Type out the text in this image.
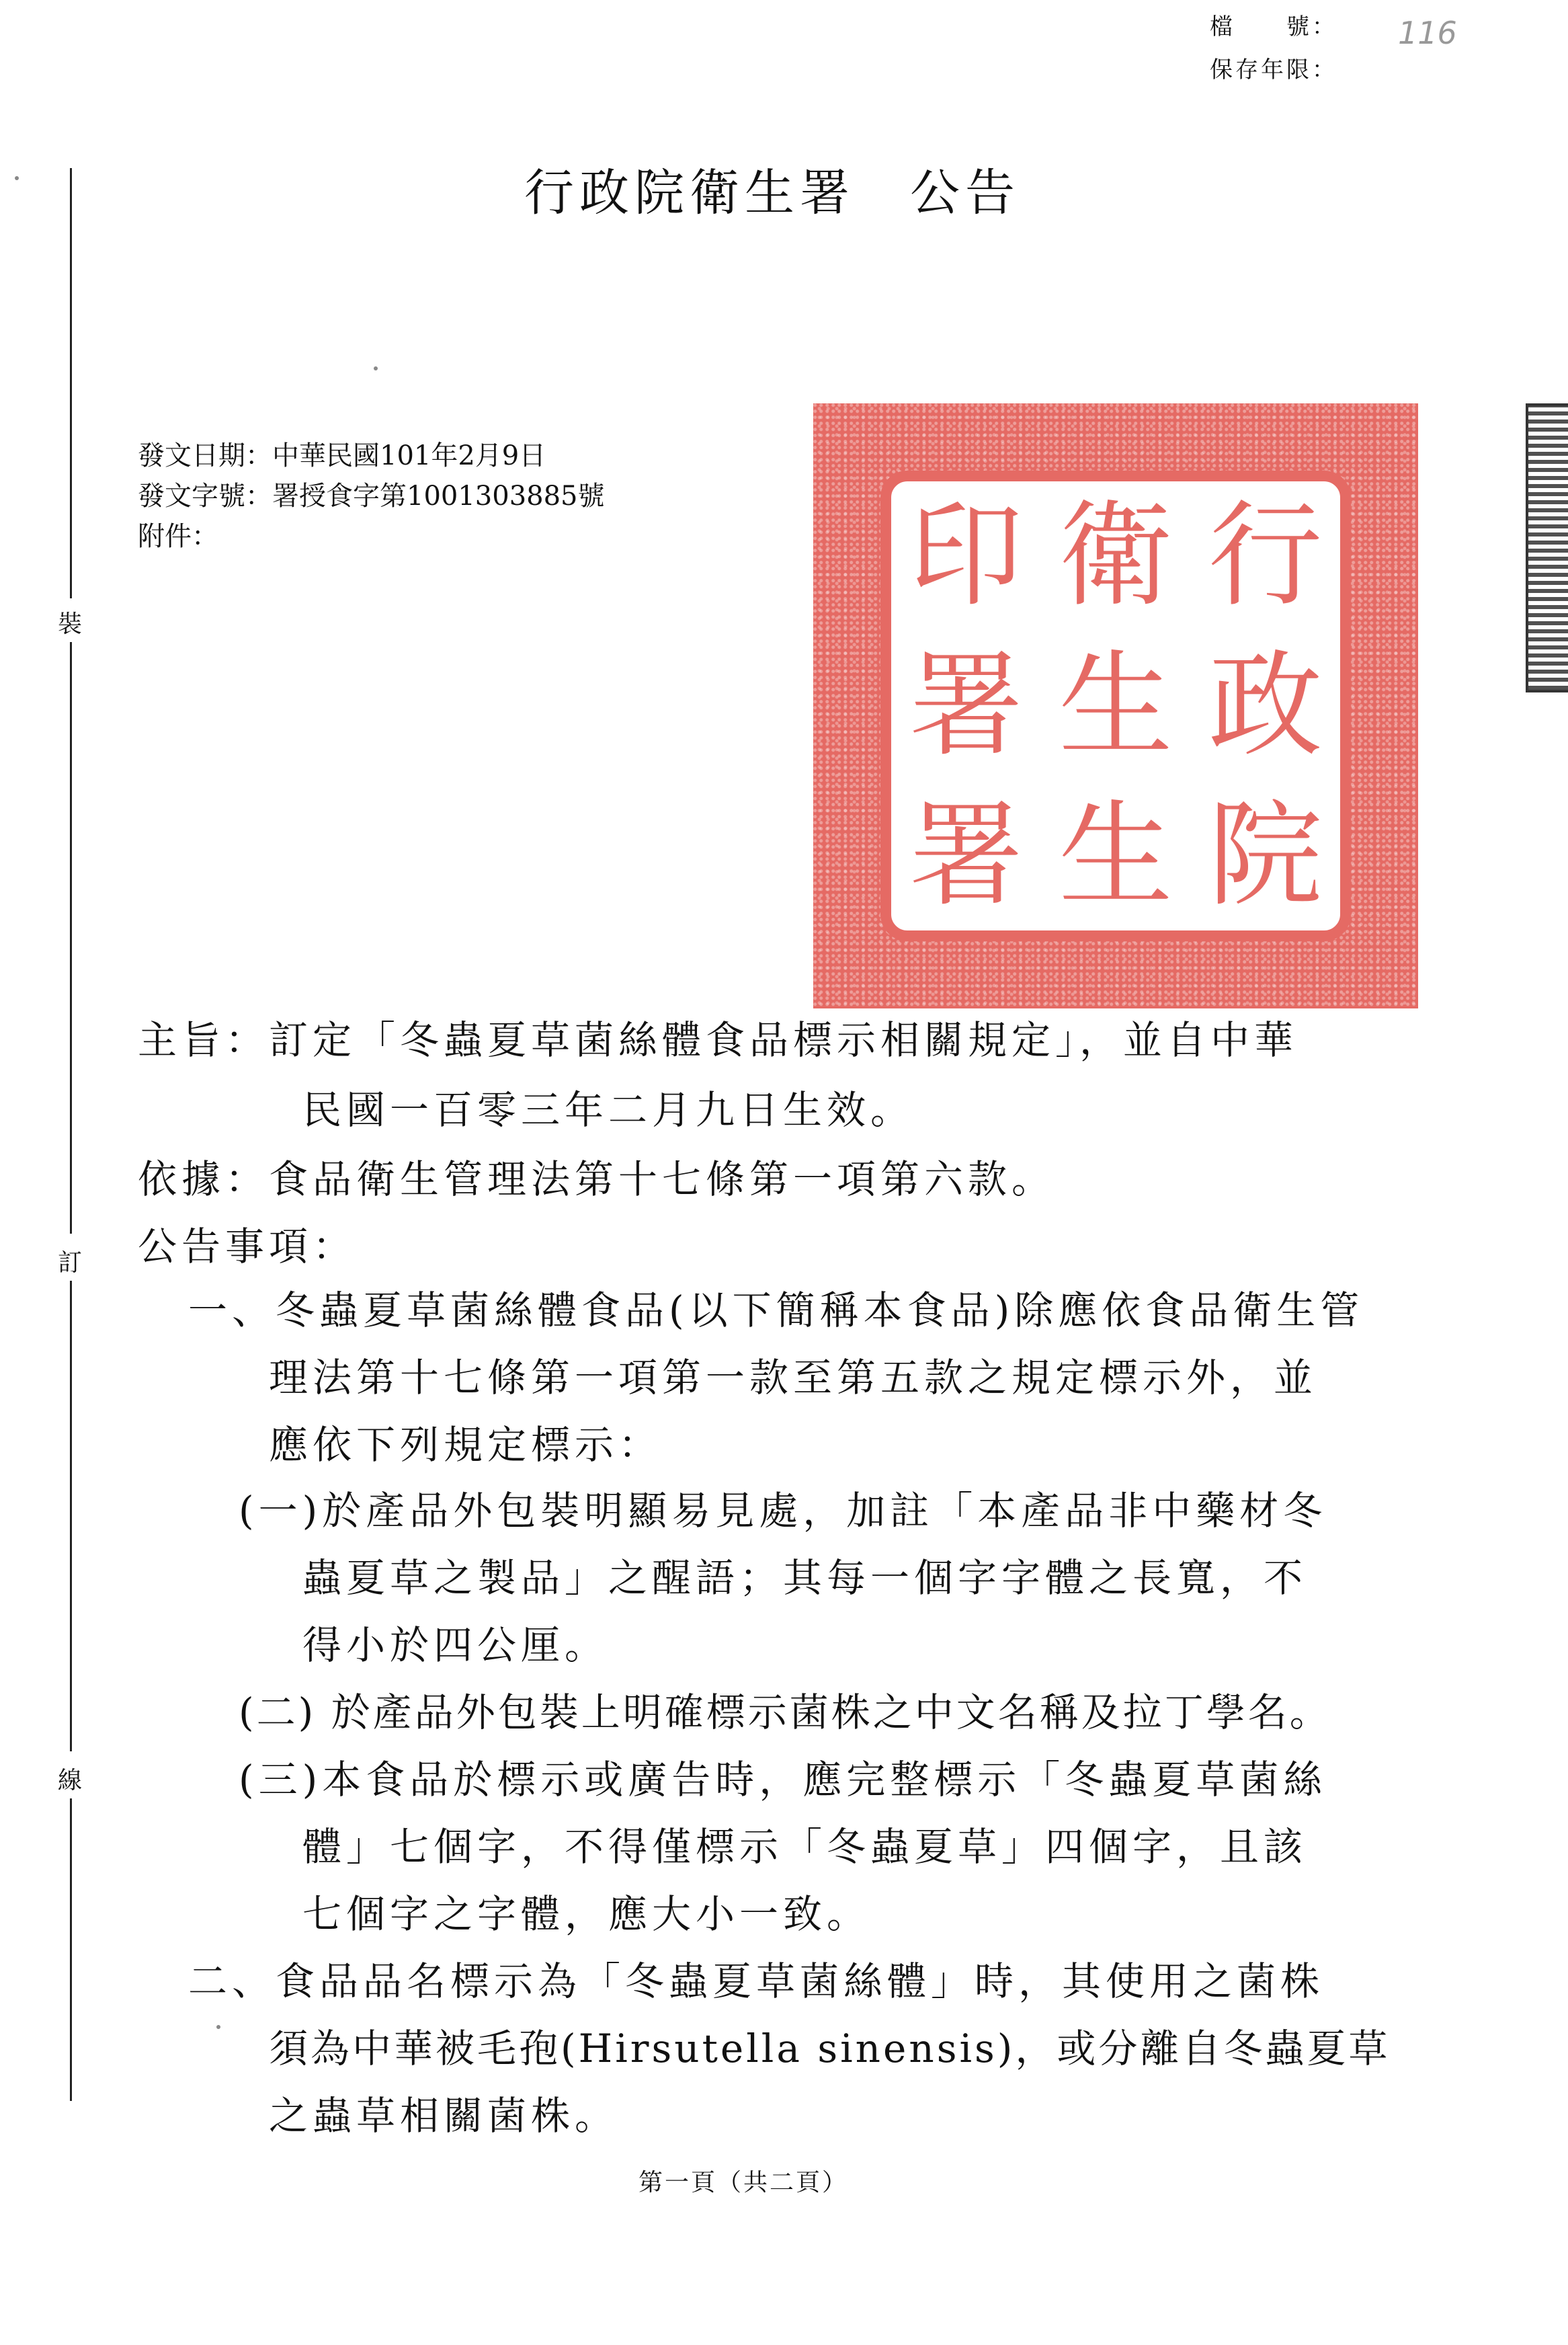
檔　　號：
保存年限：
116
裝
訂
線
行政院衛生署　公告
發文日期：中華民國101年2月9日
發文字號：署授食字第1001303885號
附件：	印 衛 行
署 生 政
署 生 院
主旨：訂定「冬蟲夏草菌絲體食品標示相關規定」，並自中華
民國一百零三年二月九日生效。
依據：食品衛生管理法第十七條第一項第六款。
公告事項：
一、冬蟲夏草菌絲體食品(以下簡稱本食品)除應依食品衛生管
理法第十七條第一項第一款至第五款之規定標示外，並
應依下列規定標示：
(一)於產品外包裝明顯易見處，加註「本產品非中藥材冬
蟲夏草之製品」之醒語；其每一個字字體之長寬，不
得小於四公厘。
(二) 於產品外包裝上明確標示菌株之中文名稱及拉丁學名。
(三)本食品於標示或廣告時，應完整標示「冬蟲夏草菌絲
體」七個字，不得僅標示「冬蟲夏草」四個字，且該
七個字之字體，應大小一致。
二、食品品名標示為「冬蟲夏草菌絲體」時，其使用之菌株
須為中華被毛孢(Hirsutella sinensis)，或分離自冬蟲夏草
之蟲草相關菌株。
第一頁（共二頁）
